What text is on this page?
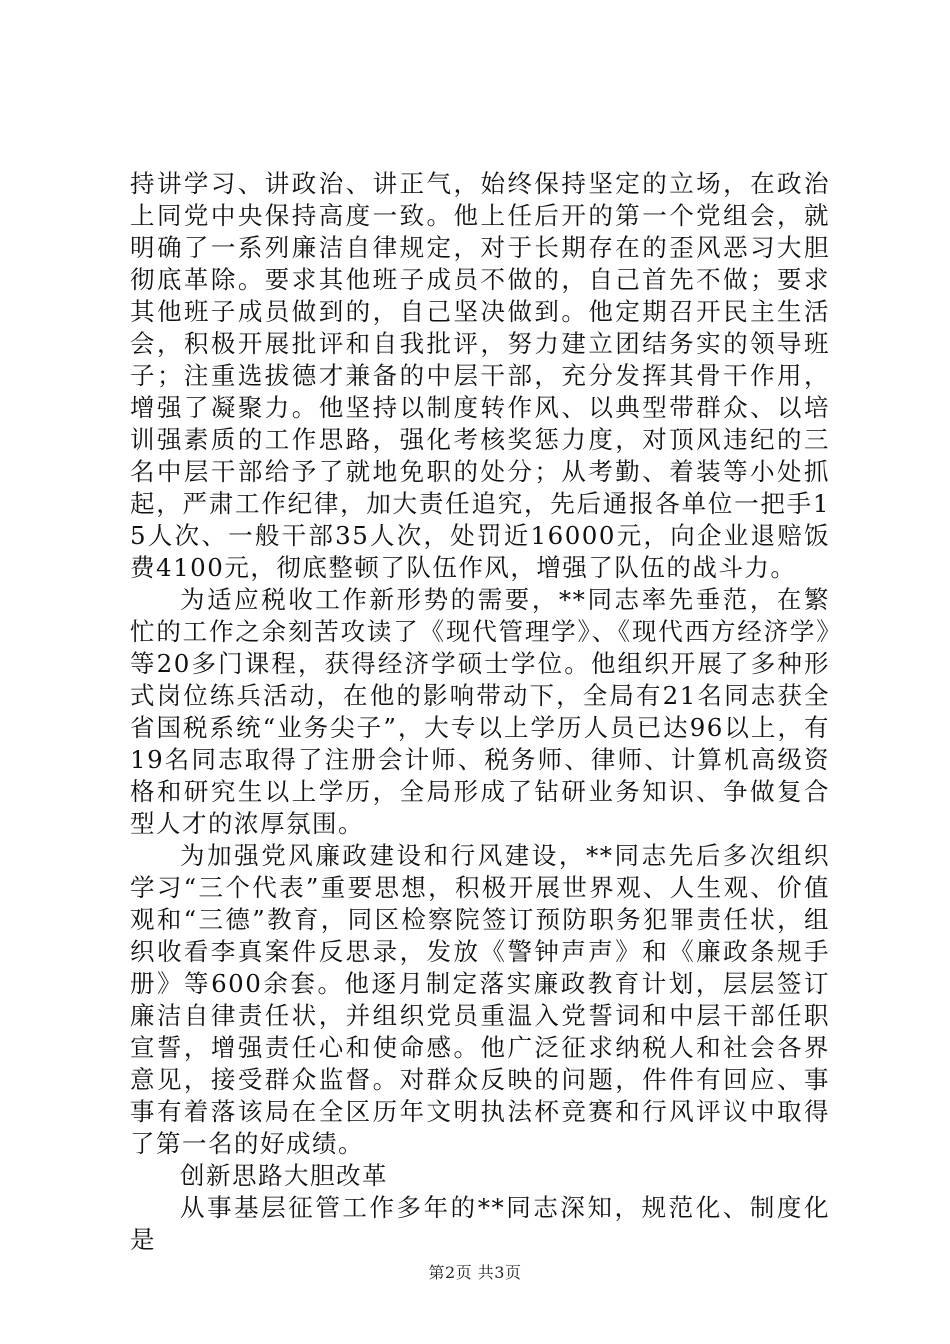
持讲学习、讲政治、讲正气，始终保持坚定的立场，在政治上同党中央保持高度一致。他上任后开的第一个党组会，就明确了一系列廉洁自律规定，对于长期存在的歪风恶习大胆彻底革除。要求其他班子成员不做的，自己首先不做；要求其他班子成员做到的，自己坚决做到。他定期召开民主生活会，积极开展批评和自我批评，努力建立团结务实的领导班子；注重选拔德才兼备的中层干部，充分发挥其骨干作用，增强了凝聚力。他坚持以制度转作风、以典型带群众、以培训强素质的工作思路，强化考核奖惩力度，对顶风违纪的三名中层干部给予了就地免职的处分；从考勤、着装等小处抓起，严肃工作纪律，加大责任追究，先后通报各单位一把手15人次、一般干部35人次，处罚近16000元，向企业退赔饭费4100元，彻底整顿了队伍作风，增强了队伍的战斗力。

为适应税收工作新形势的需要，**同志率先垂范，在繁忙的工作之余刻苦攻读了《现代管理学》、《现代西方经济学》等20多门课程，获得经济学硕士学位。他组织开展了多种形式岗位练兵活动，在他的影响带动下，全局有21名同志获全省国税系统“业务尖子”，大专以上学历人员已达96以上，有19名同志取得了注册会计师、税务师、律师、计算机高级资格和研究生以上学历，全局形成了钻研业务知识、争做复合型人才的浓厚氛围。

为加强党风廉政建设和行风建设，**同志先后多次组织学习“三个代表”重要思想，积极开展世界观、人生观、价值观和“三德”教育，同区检察院签订预防职务犯罪责任状，组织收看李真案件反思录，发放《警钟声声》和《廉政条规手册》等600余套。他逐月制定落实廉政教育计划，层层签订廉洁自律责任状，并组织党员重温入党誓词和中层干部任职宣誓，增强责任心和使命感。他广泛征求纳税人和社会各界意见，接受群众监督。对群众反映的问题，件件有回应、事事有着落该局在全区历年文明执法杯竞赛和行风评议中取得了第一名的好成绩。

创新思路大胆改革

从事基层征管工作多年的**同志深知，规范化、制度化是

第2页 共3页
